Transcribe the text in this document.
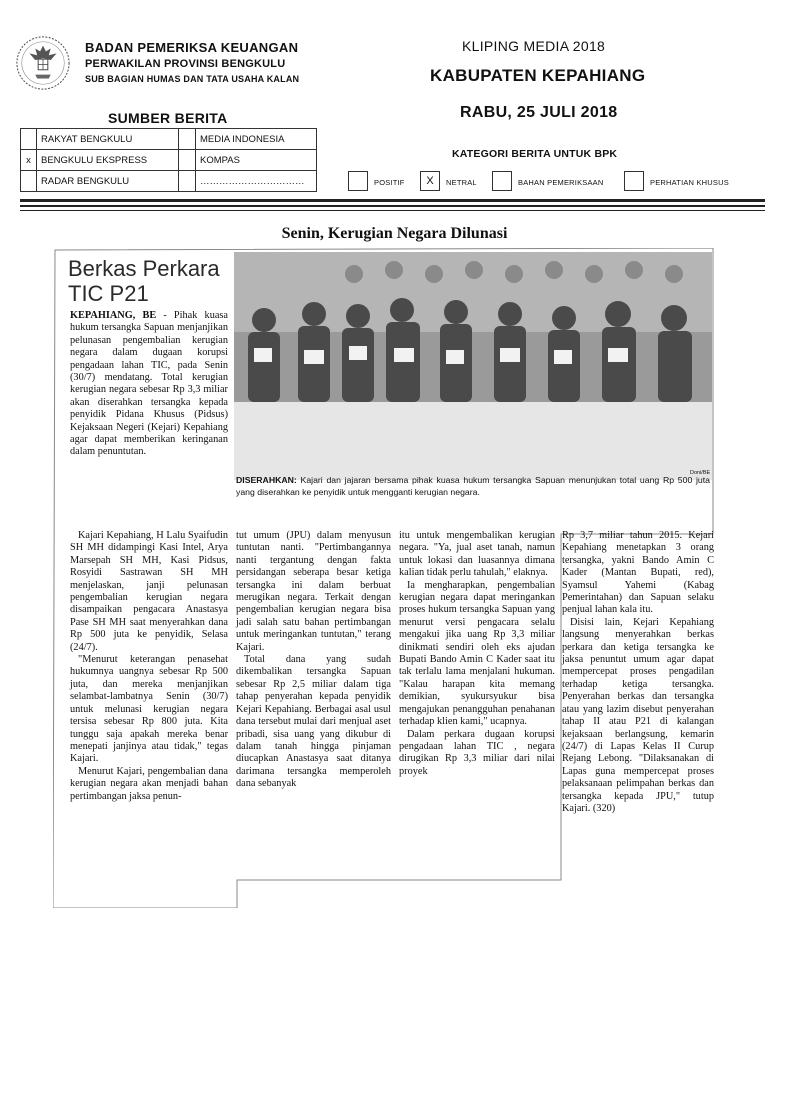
BADAN PEMERIKSA KEUANGAN
PERWAKILAN PROVINSI BENGKULU
SUB BAGIAN HUMAS DAN TATA USAHA KALAN
KLIPING MEDIA 2018
KABUPATEN KEPAHIANG
RABU, 25 JULI 2018
SUMBER BERITA
	RAKYAT BENGKULU		MEDIA INDONESIA
x	BENGKULU EKSPRESS		KOMPAS
	RADAR BENGKULU		……………………………
KATEGORI BERITA UNTUK BPK
POSITIF	X	NETRAL	BAHAN PEMERIKSAAN	PERHATIAN KHUSUS
Senin, Kerugian Negara Dilunasi
Berkas Perkara
TIC P21
Doni/BE
DISERAHKAN: Kajari dan jajaran bersama pihak kuasa hukum tersangka Sapuan menunjukan total uang Rp 500 juta yang diserahkan ke penyidik untuk mengganti kerugian negara.

KEPAHIANG, BE - Pihak kuasa hukum tersangka Sapuan menjanjikan pelunasan pengembalian kerugian negara dalam dugaan korupsi pengadaan lahan TIC, pada Senin (30/7) mendatang. Total kerugian kerugian negara sebesar Rp 3,3 miliar akan diserahkan tersangka kepada penyidik Pidana Khusus (Pidsus) Kejaksaan Negeri (Kejari) Kepahiang agar dapat memberikan keringanan dalam penuntutan.

Kajari Kepahiang, H Lalu Syaifudin SH MH didampingi Kasi Intel, Arya Marsepah SH MH, Kasi Pidsus, Rosyidi Sastrawan SH MH menjelaskan, janji pelunasan pengembalian kerugian negara disampaikan pengacara Anastasya Pase SH MH saat menyerahkan dana Rp 500 juta ke penyidik, Selasa (24/7).

"Menurut keterangan penasehat hukumnya uangnya sebesar Rp 500 juta, dan mereka menjanjikan selambat-lambatnya Senin (30/7) untuk melunasi kerugian negara tersisa sebesar Rp 800 juta. Kita tunggu saja apakah mereka benar menepati janjinya atau tidak," tegas Kajari.

Menurut Kajari, pengembalian dana kerugian negara akan menjadi bahan pertimbangan jaksa penun-

tut umum (JPU) dalam menyusun tuntutan nanti. "Pertimbangannya nanti tergantung dengan fakta persidangan seberapa besar ketiga tersangka ini dalam berbuat merugikan negara. Terkait dengan pengembalian kerugian negara bisa jadi salah satu bahan pertimbangan untuk meringankan tuntutan," terang Kajari.

Total dana yang sudah dikembalikan tersangka Sapuan sebesar Rp 2,5 miliar dalam tiga tahap penyerahan kepada penyidik Kejari Kepahiang. Berbagai asal usul dana tersebut mulai dari menjual aset pribadi, sisa uang yang dikubur di dalam tanah hingga pinjaman diucapkan Anastasya saat ditanya darimana tersangka memperoleh dana sebanyak

itu untuk mengembalikan kerugian negara. "Ya, jual aset tanah, namun untuk lokasi dan luasannya dimana kalian tidak perlu tahulah," elaknya.

Ia mengharapkan, pengembalian kerugian negara dapat meringankan proses hukum tersangka Sapuan yang menurut versi pengacara selalu mengakui jika uang Rp 3,3 miliar dinikmati sendiri oleh eks ajudan Bupati Bando Amin C Kader saat itu tak terlalu lama menjalani hukuman. "Kalau harapan kita memang demikian, syukursyukur bisa mengajukan penangguhan penahanan terhadap klien kami," ucapnya.

Dalam perkara dugaan korupsi pengadaan lahan TIC , negara dirugikan Rp 3,3 miliar dari nilai proyek

Rp 3,7 miliar tahun 2015. Kejari Kepahiang menetapkan 3 orang tersangka, yakni Bando Amin C Kader (Mantan Bupati, red), Syamsul Yahemi (Kabag Pemerintahan) dan Sapuan selaku penjual lahan kala itu.

Disisi lain, Kejari Kepahiang langsung menyerahkan berkas perkara dan ketiga tersangka ke jaksa penuntut umum agar dapat mempercepat proses pengadilan terhadap ketiga tersangka. Penyerahan berkas dan tersangka atau yang lazim disebut penyerahan tahap II atau P21 di kalangan kejaksaan berlangsung, kemarin (24/7) di Lapas Kelas II Curup Rejang Lebong. "Dilaksanakan di Lapas guna mempercepat proses pelaksanaan pelimpahan berkas dan tersangka kepada JPU," tutup Kajari. (320)
